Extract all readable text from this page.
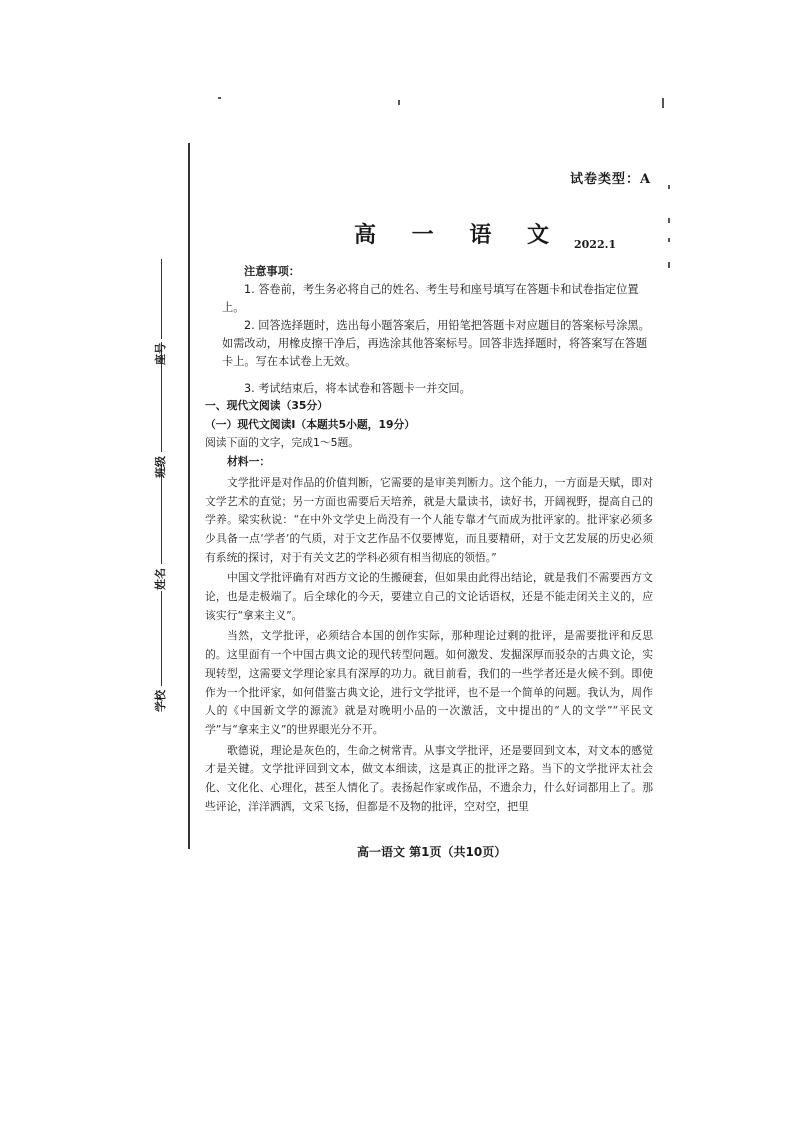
学校
姓名
班级
座号
试卷类型：A
高 一 语 文 2022.1
注意事项：

1. 答卷前，考生务必将自己的姓名、考生号和座号填写在答题卡和试卷指定位置上。

2. 回答选择题时，选出每小题答案后，用铅笔把答题卡对应题目的答案标号涂黑。如需改动，用橡皮擦干净后，再选涂其他答案标号。回答非选择题时，将答案写在答题卡上。写在本试卷上无效。

3. 考试结束后，将本试卷和答题卡一并交回。

一、现代文阅读（35分）

（一）现代文阅读Ⅰ（本题共5小题，19分）

阅读下面的文字，完成1～5题。

材料一：

文学批评是对作品的价值判断，它需要的是审美判断力。这个能力，一方面是天赋，即对文学艺术的直觉；另一方面也需要后天培养，就是大量读书，读好书，开阔视野，提高自己的学养。梁实秋说：“在中外文学史上尚没有一个人能专靠才气而成为批评家的。批评家必须多少具备一点‘学者’的气质，对于文艺作品不仅要博览，而且要精研，对于文艺发展的历史必须有系统的探讨，对于有关文艺的学科必须有相当彻底的领悟。”

中国文学批评确有对西方文论的生搬硬套，但如果由此得出结论，就是我们不需要西方文论，也是走极端了。后全球化的今天，要建立自己的文论话语权，还是不能走闭关主义的，应该实行“拿来主义”。

当然，文学批评，必须结合本国的创作实际，那种理论过剩的批评，是需要批评和反思的。这里面有一个中国古典文论的现代转型问题。如何激发、发掘深厚而驳杂的古典文论，实现转型，这需要文学理论家具有深厚的功力。就目前看，我们的一些学者还是火候不到。即使作为一个批评家，如何借鉴古典文论，进行文学批评，也不是一个简单的问题。我认为，周作人的《中国新文学的源流》就是对晚明小品的一次激活，文中提出的“人的文学”“平民文学”与“拿来主义”的世界眼光分不开。

歌德说，理论是灰色的，生命之树常青。从事文学批评，还是要回到文本，对文本的感觉才是关键。文学批评回到文本，做文本细读，这是真正的批评之路。当下的文学批评太社会化、文化化、心理化，甚至人情化了。表扬起作家或作品，不遗余力，什么好词都用上了。那些评论，洋洋洒洒，文采飞扬，但都是不及物的批评，空对空，把里

高一语文 第1页（共10页）
